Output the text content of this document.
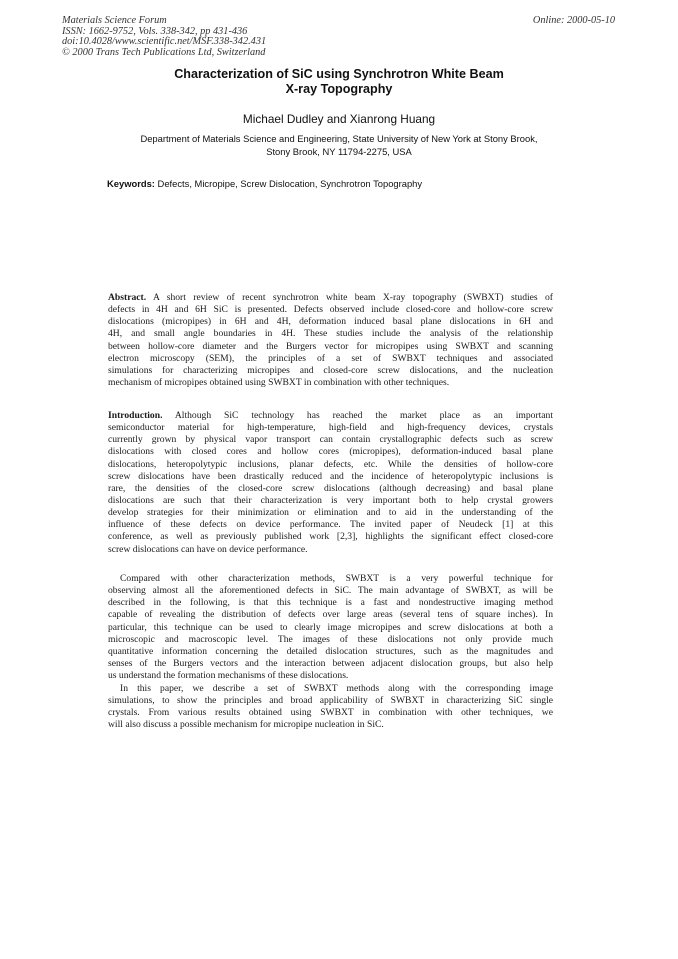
Materials Science Forum
ISSN: 1662-9752, Vols. 338-342, pp 431-436
doi:10.4028/www.scientific.net/MSF.338-342.431
© 2000 Trans Tech Publications Ltd, Switzerland
Online: 2000-05-10
Characterization of SiC using Synchrotron White Beam
X-ray Topography
Michael Dudley and Xianrong Huang
Department of Materials Science and Engineering, State University of New York at Stony Brook,
Stony Brook, NY 11794-2275, USA
Keywords: Defects, Micropipe, Screw Dislocation, Synchrotron Topography
Abstract. A short review of recent synchrotron white beam X-ray topography (SWBXT) studies of
defects in 4H and 6H SiC is presented. Defects observed include closed-core and hollow-core screw
dislocations (micropipes) in 6H and 4H, deformation induced basal plane dislocations in 6H and
4H, and small angle boundaries in 4H. These studies include the analysis of the relationship
between hollow-core diameter and the Burgers vector for micropipes using SWBXT and scanning
electron microscopy (SEM), the principles of a set of SWBXT techniques and associated
simulations for characterizing micropipes and closed-core screw dislocations, and the nucleation
mechanism of micropipes obtained using SWBXT in combination with other techniques.
Introduction. Although SiC technology has reached the market place as an important
semiconductor material for high-temperature, high-field and high-frequency devices, crystals
currently grown by physical vapor transport can contain crystallographic defects such as screw
dislocations with closed cores and hollow cores (micropipes), deformation-induced basal plane
dislocations, heteropolytypic inclusions, planar defects, etc. While the densities of hollow-core
screw dislocations have been drastically reduced and the incidence of heteropolytypic inclusions is
rare, the densities of the closed-core screw dislocations (although decreasing) and basal plane
dislocations are such that their characterization is very important both to help crystal growers
develop strategies for their minimization or elimination and to aid in the understanding of the
influence of these defects on device performance. The invited paper of Neudeck [1] at this
conference, as well as previously published work [2,3], highlights the significant effect closed-core
screw dislocations can have on device performance.
Compared with other characterization methods, SWBXT is a very powerful technique for
observing almost all the aforementioned defects in SiC. The main advantage of SWBXT, as will be
described in the following, is that this technique is a fast and nondestructive imaging method
capable of revealing the distribution of defects over large areas (several tens of square inches). In
particular, this technique can be used to clearly image micropipes and screw dislocations at both a
microscopic and macroscopic level. The images of these dislocations not only provide much
quantitative information concerning the detailed dislocation structures, such as the magnitudes and
senses of the Burgers vectors and the interaction between adjacent dislocation groups, but also help
us understand the formation mechanisms of these dislocations.
In this paper, we describe a set of SWBXT methods along with the corresponding image
simulations, to show the principles and broad applicability of SWBXT in characterizing SiC single
crystals. From various results obtained using SWBXT in combination with other techniques, we
will also discuss a possible mechanism for micropipe nucleation in SiC.
